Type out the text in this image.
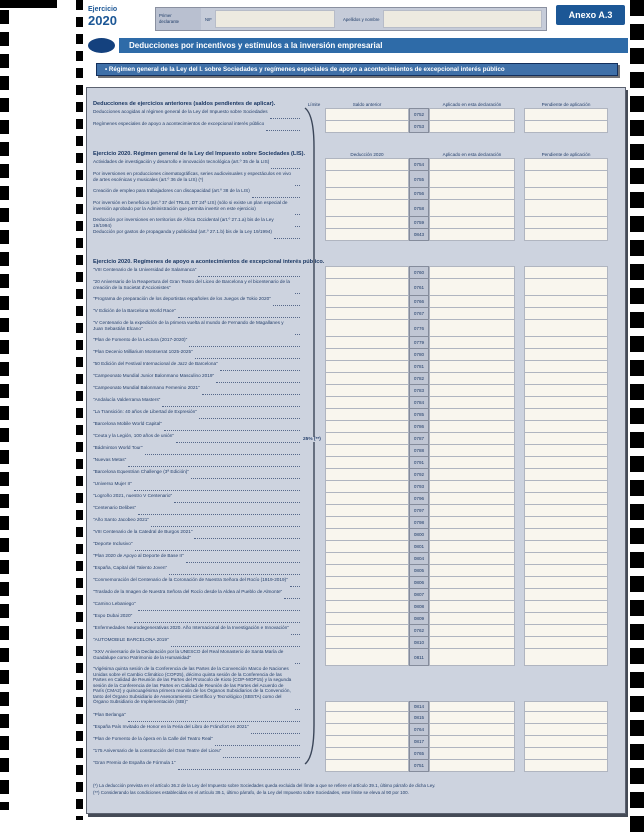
Ejercicio
2020	Primer
declarante	NIF	Apellidos y nombre	Anexo A.3
Deducciones por incentivos y estímulos a la inversión empresarial
• Régimen general de la Ley del I. sobre Sociedades y regímenes especiales de apoyo a acontecimientos de excepcional interés público
25% (**)
Deducciones de ejercicios anteriores (saldos pendientes de aplicar).	Límite	Saldo anterior	Aplicado en esta declaración	Pendiente de aplicación
Deducciones acogidas al régimen general de la Ley del Impuesto sobre Sociedades
0752
Regímenes especiales de apoyo a acontecimientos de excepcional interés público
0753
Ejercicio 2020. Régimen general de la Ley del Impuesto sobre Sociedades (LIS).	Deducción 2020	Aplicado en esta declaración	Pendiente de aplicación
Actividades de investigación y desarrollo e innovación tecnológica (art.º 35 de la LIS)
0754
Por inversiones en producciones cinematográficas, series audiovisuales y espectáculos en vivo de artes escénicas y musicales (art.º 36 de la LIS) (*)	0755
Creación de empleo para trabajadores con discapacidad (art.º 38 de la LIS)
0756
Por inversión en beneficios (art.º 37 del TRLIS, DT 24ª LIS) (sólo si existe un plan especial de inversión aprobado por la Administración que permita invertir en este ejercicio)	0758
Deducción por inversiones en territorios de África Occidental (art.º 27.1.a) bis de la Ley 19/1994)	0759
Deducción por gastos de propaganda y publicidad (art.º 27.1.b) bis de la Ley 19/1994)
0843
Ejercicio 2020. Regímenes de apoyo a acontecimientos de excepcional interés público.
"VIII Centenario de la Universidad de Salamanca"
0760
"20 Aniversario de la Reapertura del Gran Teatro del Liceo de Barcelona y el bicentenario de la creación de la Societat d'Accionistes"	0761
"Programa de preparación de los deportistas españoles de los Juegos de Tokio 2020"
0766
"V Edición de la Barcelona World Race"
0767
"V Centenario de la expedición de la primera vuelta al mundo de Fernando de Magallanes y Juan Sebastián Elcano"	0776
"Plan de Fomento de la Lectura (2017-2020)"
0779
"Plan Decenio Milliarium Montserrat 1025-2025"
0780
"50 Edición del Festival Internacional de Jazz de Barcelona"
0781
"Campeonato Mundial Junior Balonmano Masculino 2019"
0782
"Campeonato Mundial Balonmano Femenino 2021"
0783
"Andalucía Valderrama Masters"
0784
"La Transición: 40 años de Libertad de Expresión"
0785
"Barcelona Mobile World Capital"
0786
"Ceuta y la Legión, 100 años de unión"
0787
"Bádminton World Tour"
0788
"Nuevas Metas"
0791
"Barcelona Equestrian Challenge (3ª Edición)"
0792
"Universo Mujer II"
0793
"Logroño 2021, nuestro V Centenario"
0796
"Centenario Delibes"
0797
"Año Santo Jacobeo 2021"
0798
"VIII Centenario de la Catedral de Burgos 2021"
0800
"Deporte Inclusivo"
0801
"Plan 2020 de Apoyo al Deporte de Base II"
0804
"España, Capital del Talento Joven"
0805
"Conmemoración del Centenario de la Coronación de Nuestra Señora del Rocío (1919-2019)"
0806
"Traslado de la Imagen de Nuestra Señora del Rocío desde la Aldea al Pueblo de Almonte"
0807
"Camino Lebaniego"
0808
"Expo Dubai 2020"
0809
"Enfermedades Neurodegenerativas 2020. Año Internacional de la Investigación e Innovación"
0762
"AUTOMOBILE BARCELONA 2019"
0810
"XXV Aniversario de la Declaración por la UNESCO del Real Monasterio de Santa María de Guadalupe como Patrimonio de la Humanidad"	0811
"Vigésima quinta sesión de la Conferencia de las Partes de la Convención Marco de Naciones Unidas sobre el Cambio Climático (COP25), décimo quinta sesión de la Conferencia de las Partes en Calidad de Reunión de las Partes del Protocolo de Kioto (COP-MOP15) y la segunda sesión de la Conferencia de las Partes en Calidad de Reunión de las Partes del Acuerdo de París (CMA2) y quincuagésima primera reunión de los Órganos Subsidiarios de la Convención, tanto del Órgano Subsidiario de Asesoramiento Científico y Tecnológico (SBSTA) como del Órgano Subsidiario de Implementación (SBI)"
0814
"Plan Berlanga"
0815
"España País Invitado de Honor en la Feria del Libro de Fráncfort en 2021"
0764
"Plan de Fomento de la ópera en la Calle del Teatro Real"
0817
"175 Aniversario de la construcción del Gran Teatre del Liceu"
0765
"Gran Premio de España de Fórmula 1"
0751
(*) La deducción prevista en el artículo 36.2 de la Ley del Impuesto sobre Sociedades queda excluida del límite a que se refiere el artículo 39.1, último párrafo de dicha Ley.
(**) Considerando las condiciones establecidas en el artículo 39.1, último párrafo, de la Ley del Impuesto sobre Sociedades, este límite se eleva al 90 por 100.
